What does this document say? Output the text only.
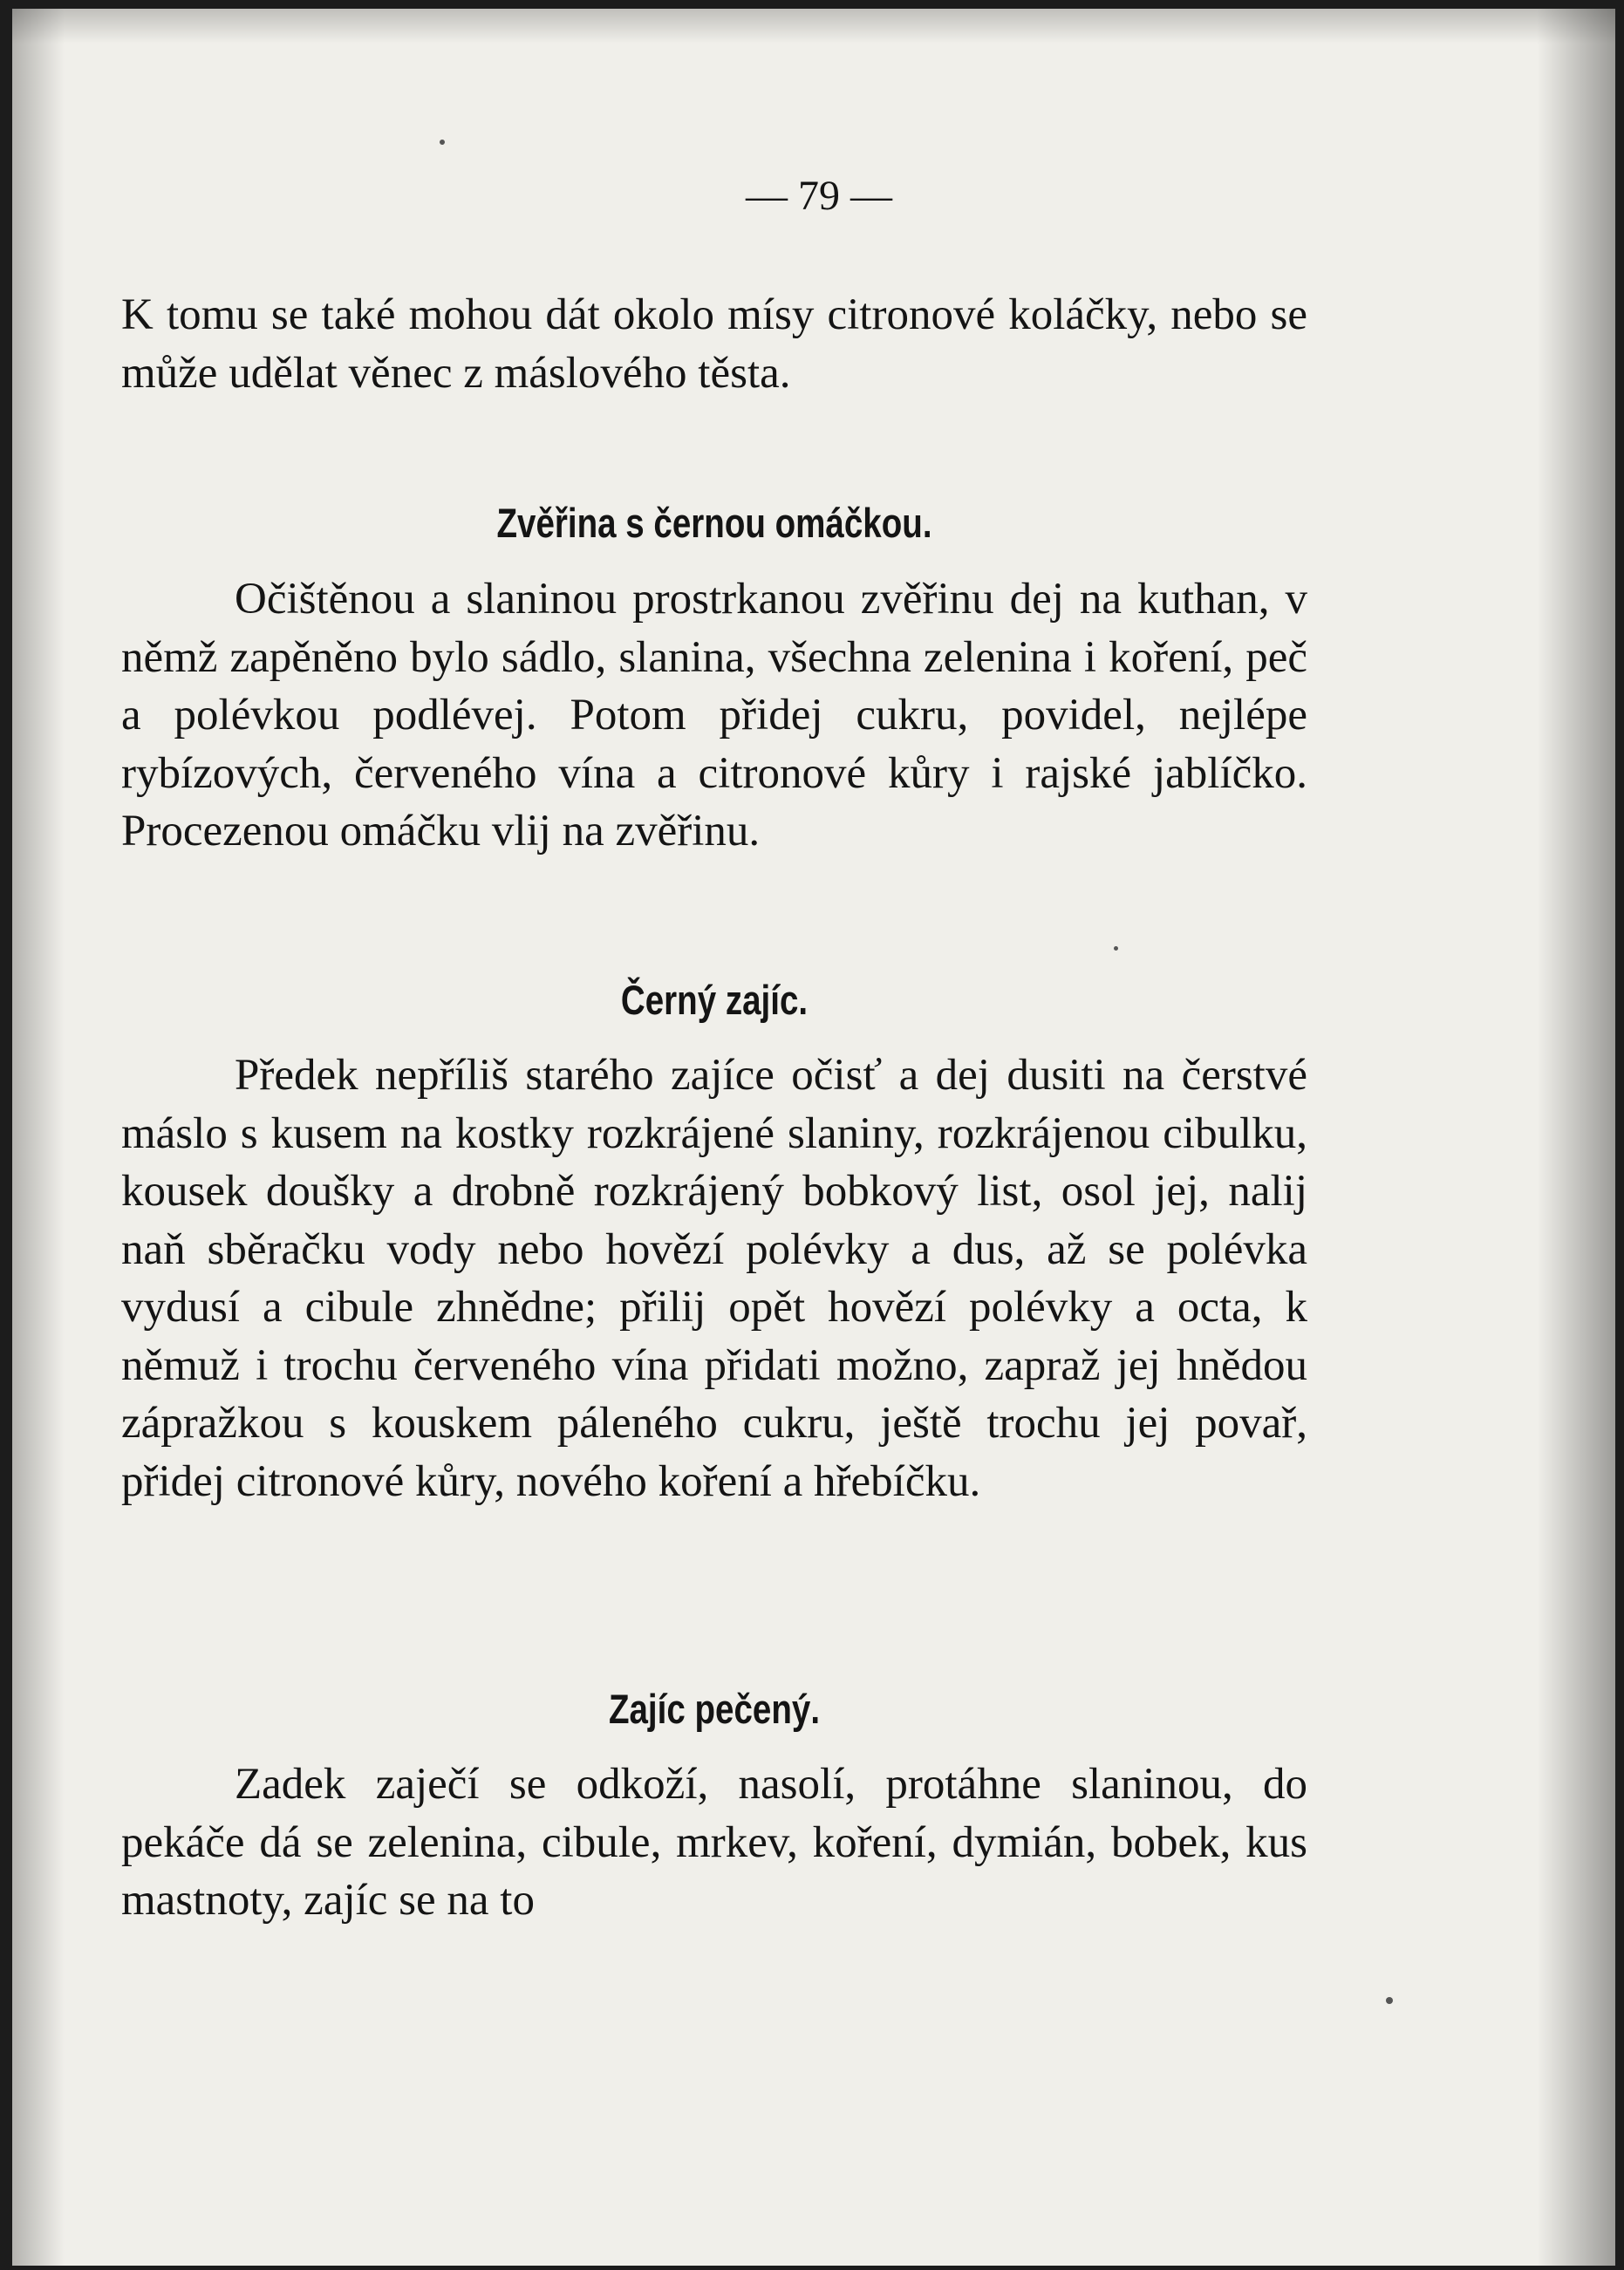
— 79 —

K tomu se také mohou dát okolo mísy citronové koláčky, nebo se může udělat věnec z máslového těsta.

Zvěřina s černou omáčkou.

Očištěnou a slaninou prostrkanou zvěřinu dej na kuthan, v němž zapěněno bylo sádlo, slanina, všechna zelenina i koření, peč a polévkou podlévej. Potom přidej cukru, povidel, nejlépe rybízových, červeného vína a citronové kůry i rajské jablíčko. Procezenou omáčku vlij na zvěřinu.

Černý zajíc.

Předek nepříliš starého zajíce očisť a dej dusiti na čerstvé máslo s kusem na kostky rozkrájené slaniny, rozkrájenou cibulku, kousek doušky a drobně rozkrájený bobkový list, osol jej, nalij naň sběračku vody nebo hovězí polévky a dus, až se polévka vydusí a cibule zhnědne; přilij opět hovězí polévky a octa, k němuž i trochu červeného vína přidati možno, zapraž jej hnědou zápražkou s kouskem páleného cukru, ještě trochu jej povař, přidej citronové kůry, nového koření a hřebíčku.

Zajíc pečený.

Zadek zaječí se odkoží, nasolí, protáhne slaninou, do pekáče dá se zelenina, cibule, mrkev, koření, dymián, bobek, kus mastnoty, zajíc se na to
